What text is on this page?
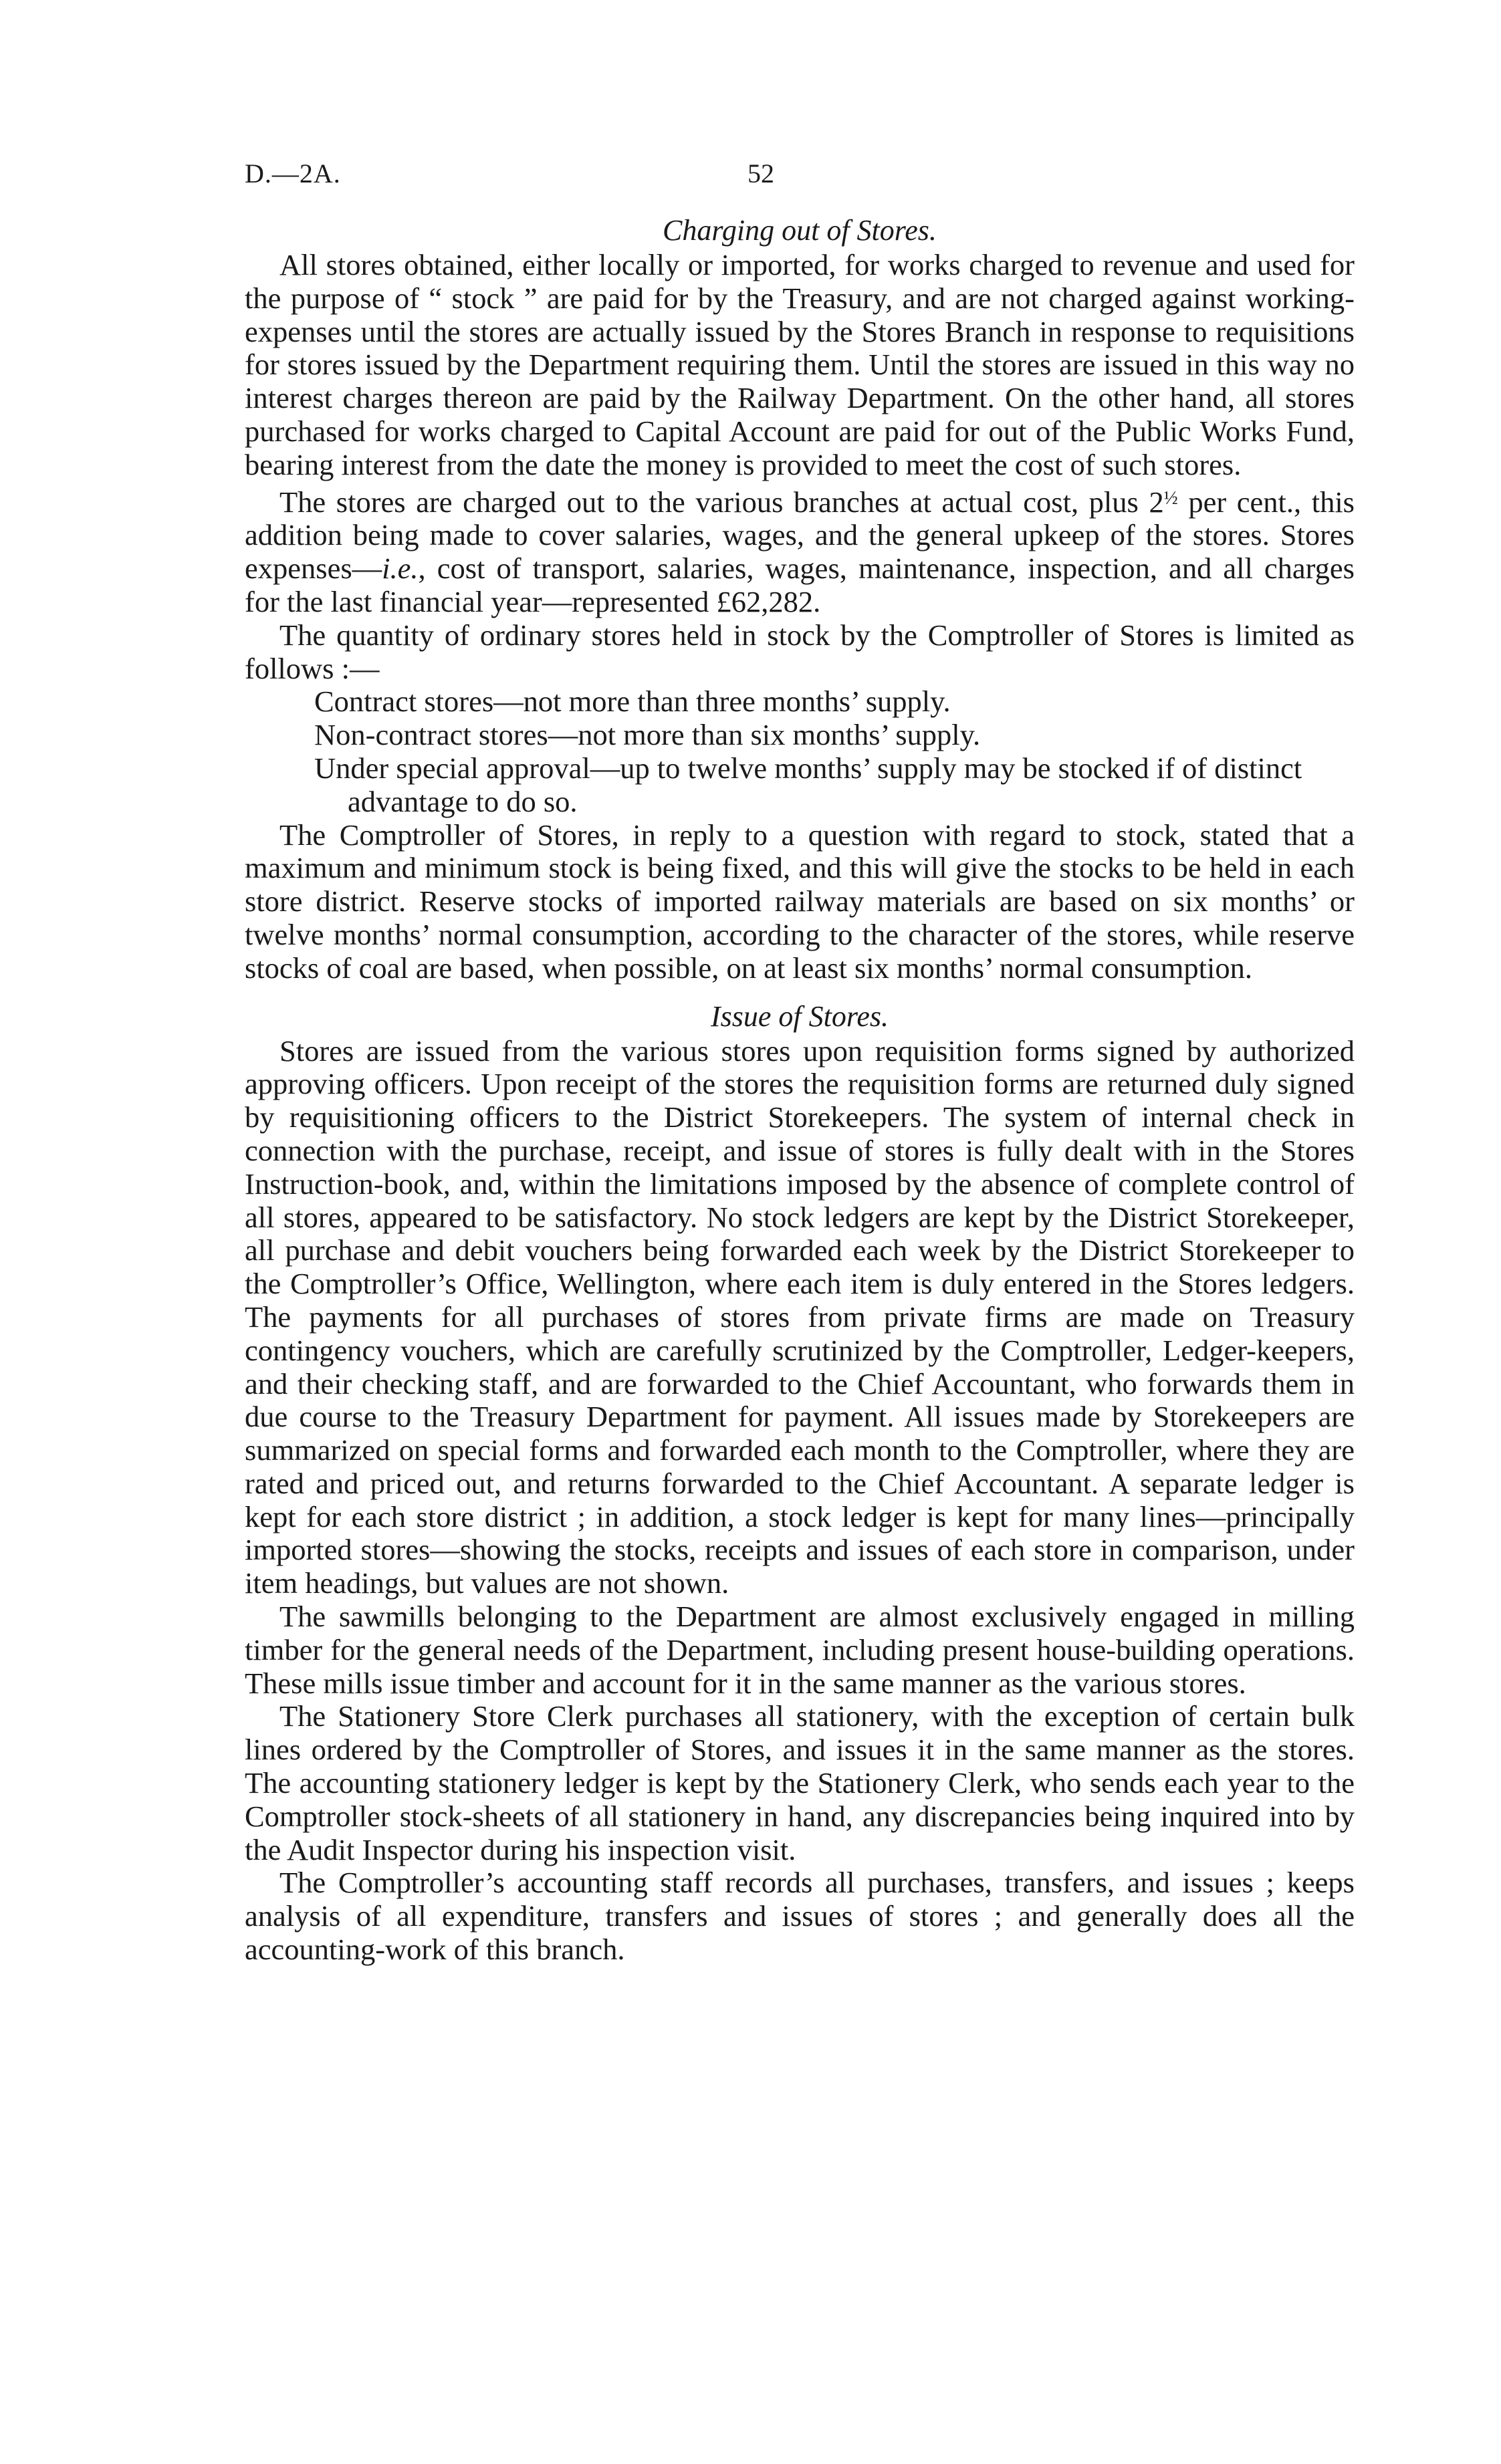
D.—2A.	52
Charging out of Stores.

All stores obtained, either locally or imported, for works charged to revenue and used for the purpose of “ stock ” are paid for by the Treasury, and are not charged against working-expenses until the stores are actually issued by the Stores Branch in response to requisitions for stores issued by the Department requiring them. Until the stores are issued in this way no interest charges thereon are paid by the Railway Department. On the other hand, all stores purchased for works charged to Capital Account are paid for out of the Public Works Fund, bearing interest from the date the money is provided to meet the cost of such stores.

The stores are charged out to the various branches at actual cost, plus $2^{\frac{1}{2}}$ per cent., this addition being made to cover salaries, wages, and the general upkeep of the stores. Stores expenses—i.e., cost of transport, salaries, wages, maintenance, inspection, and all charges for the last financial year—represented £62,282.

The quantity of ordinary stores held in stock by the Comptroller of Stores is limited as follows :—

Contract stores—not more than three months’ supply.
Non-contract stores—not more than six months’ supply.
Under special approval—up to twelve months’ supply may be stocked if of distinct advantage to do so.

The Comptroller of Stores, in reply to a question with regard to stock, stated that a maximum and minimum stock is being fixed, and this will give the stocks to be held in each store district. Reserve stocks of imported railway materials are based on six months’ or twelve months’ normal consumption, according to the character of the stores, while reserve stocks of coal are based, when possible, on at least six months’ normal consumption.

Issue of Stores.

Stores are issued from the various stores upon requisition forms signed by authorized approving officers. Upon receipt of the stores the requisition forms are returned duly signed by requisitioning officers to the District Storekeepers. The system of internal check in connection with the purchase, receipt, and issue of stores is fully dealt with in the Stores Instruction-book, and, within the limitations imposed by the absence of complete control of all stores, appeared to be satisfactory. No stock ledgers are kept by the District Storekeeper, all purchase and debit vouchers being forwarded each week by the District Storekeeper to the Comptroller’s Office, Wellington, where each item is duly entered in the Stores ledgers. The payments for all purchases of stores from private firms are made on Treasury contingency vouchers, which are carefully scrutinized by the Comptroller, Ledger-keepers, and their checking staff, and are forwarded to the Chief Accountant, who forwards them in due course to the Treasury Department for payment. All issues made by Storekeepers are summarized on special forms and forwarded each month to the Comptroller, where they are rated and priced out, and returns forwarded to the Chief Accountant. A separate ledger is kept for each store district ; in addition, a stock ledger is kept for many lines—principally imported stores—showing the stocks, receipts and issues of each store in comparison, under item headings, but values are not shown.

The sawmills belonging to the Department are almost exclusively engaged in milling timber for the general needs of the Department, including present house-building operations. These mills issue timber and account for it in the same manner as the various stores.

The Stationery Store Clerk purchases all stationery, with the exception of certain bulk lines ordered by the Comptroller of Stores, and issues it in the same manner as the stores. The accounting stationery ledger is kept by the Stationery Clerk, who sends each year to the Comptroller stock-sheets of all stationery in hand, any discrepancies being inquired into by the Audit Inspector during his inspection visit.

The Comptroller’s accounting staff records all purchases, transfers, and issues ; keeps analysis of all expenditure, transfers and issues of stores ; and generally does all the accounting-work of this branch.
